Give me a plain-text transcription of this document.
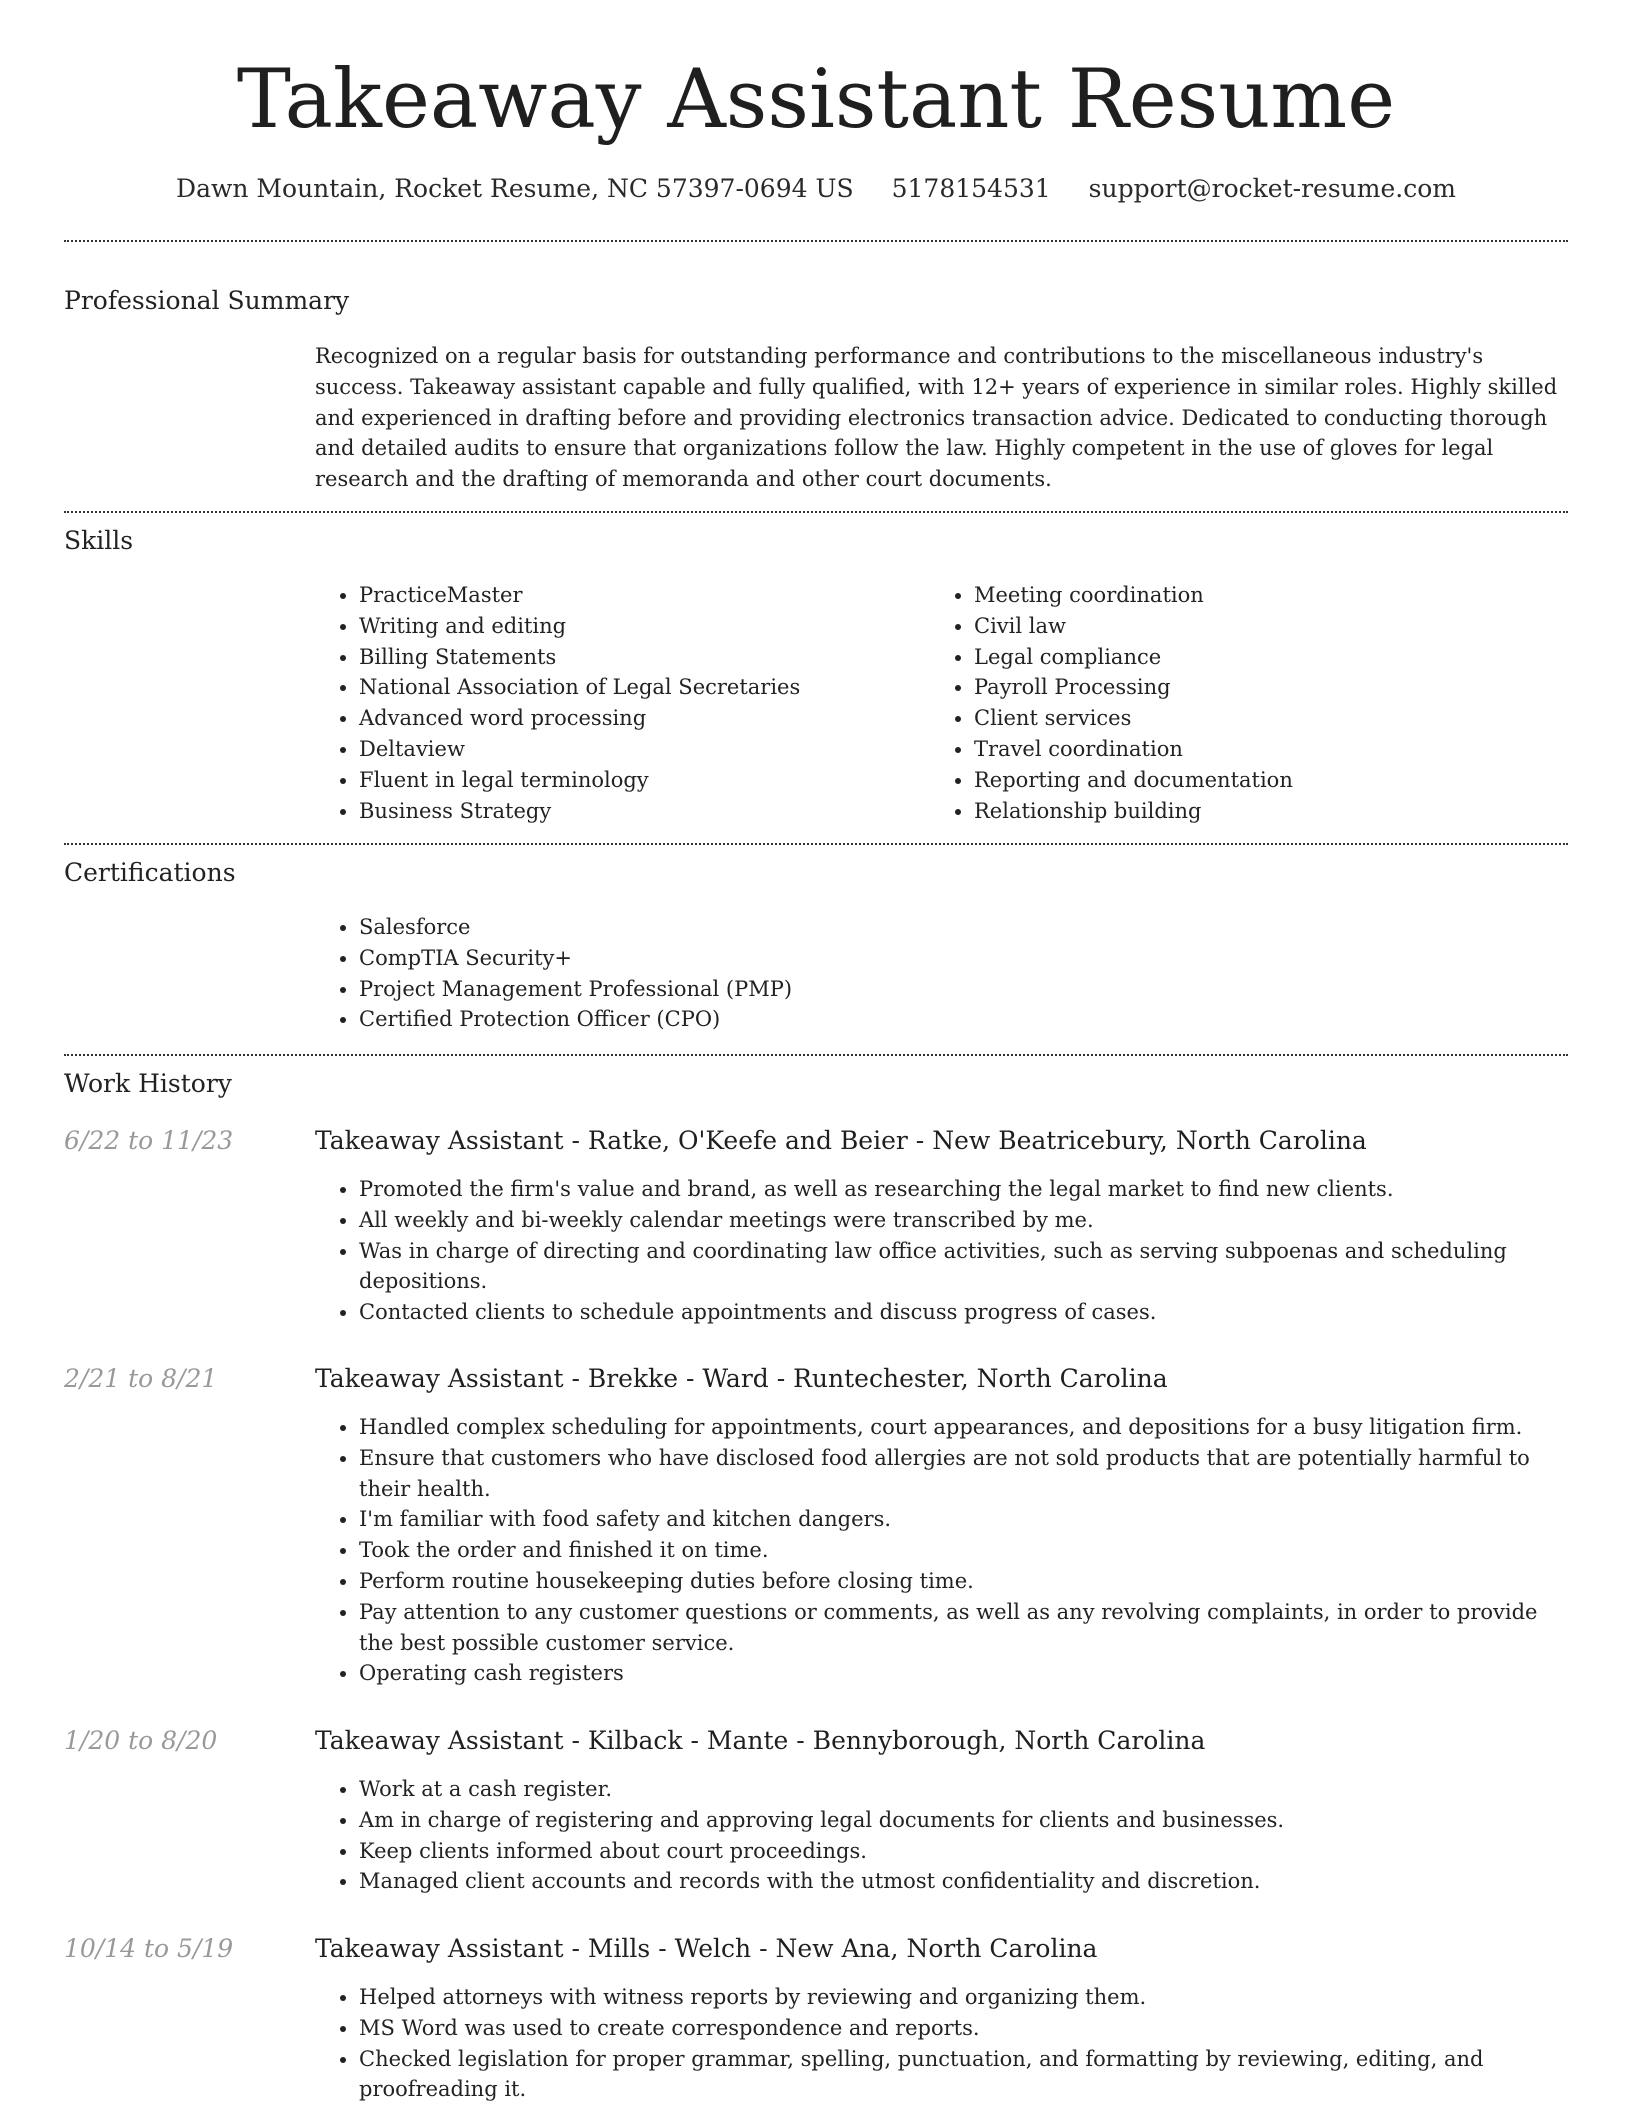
Takeaway Assistant Resume
Dawn Mountain, Rocket Resume, NC 57397-0694 US 5178154531 support@rocket-resume.com
Professional Summary

Recognized on a regular basis for outstanding performance and contributions to the miscellaneous industry's success. Takeaway assistant capable and fully qualified, with 12+ years of experience in similar roles. Highly skilled and experienced in drafting before and providing electronics transaction advice. Dedicated to conducting thorough and detailed audits to ensure that organizations follow the law. Highly competent in the use of gloves for legal research and the drafting of memoranda and other court documents.

Skills
• PracticeMaster
• Writing and editing
• Billing Statements
• National Association of Legal Secretaries
• Advanced word processing
• Deltaview
• Fluent in legal terminology
• Business Strategy
• Meeting coordination
• Civil law
• Legal compliance
• Payroll Processing
• Client services
• Travel coordination
• Reporting and documentation
• Relationship building
Certifications
• Salesforce
• CompTIA Security+
• Project Management Professional (PMP)
• Certified Protection Officer (CPO)
Work History
6/22 to 11/23	Takeaway Assistant - Ratke, O'Keefe and Beier - New Beatricebury, North Carolina
• Promoted the firm's value and brand, as well as researching the legal market to find new clients.
• All weekly and bi-weekly calendar meetings were transcribed by me.
• Was in charge of directing and coordinating law office activities, such as serving subpoenas and scheduling depositions.
• Contacted clients to schedule appointments and discuss progress of cases.
2/21 to 8/21	Takeaway Assistant - Brekke - Ward - Runtechester, North Carolina
• Handled complex scheduling for appointments, court appearances, and depositions for a busy litigation firm.
• Ensure that customers who have disclosed food allergies are not sold products that are potentially harmful to their health.
• I'm familiar with food safety and kitchen dangers.
• Took the order and finished it on time.
• Perform routine housekeeping duties before closing time.
• Pay attention to any customer questions or comments, as well as any revolving complaints, in order to provide the best possible customer service.
• Operating cash registers
1/20 to 8/20	Takeaway Assistant - Kilback - Mante - Bennyborough, North Carolina
• Work at a cash register.
• Am in charge of registering and approving legal documents for clients and businesses.
• Keep clients informed about court proceedings.
• Managed client accounts and records with the utmost confidentiality and discretion.
10/14 to 5/19	Takeaway Assistant - Mills - Welch - New Ana, North Carolina
• Helped attorneys with witness reports by reviewing and organizing them.
• MS Word was used to create correspondence and reports.
• Checked legislation for proper grammar, spelling, punctuation, and formatting by reviewing, editing, and proofreading it.
